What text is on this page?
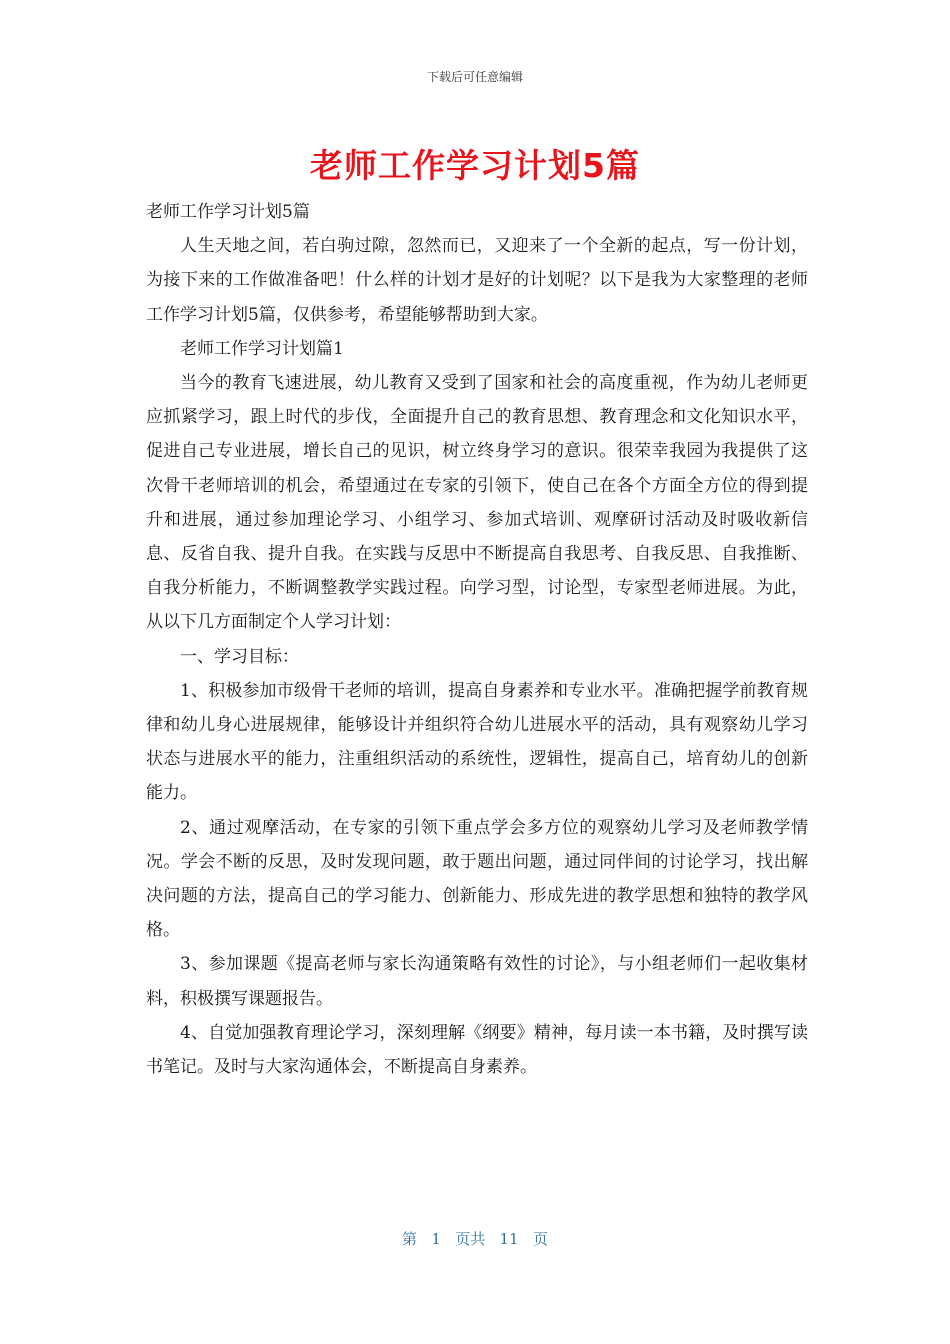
下载后可任意编辑
老师工作学习计划5篇

老师工作学习计划5篇

人生天地之间，若白驹过隙，忽然而已，又迎来了一个全新的起点，写一份计划，为接下来的工作做准备吧！什么样的计划才是好的计划呢？以下是我为大家整理的老师工作学习计划5篇，仅供参考，希望能够帮助到大家。

老师工作学习计划篇1

当今的教育飞速进展，幼儿教育又受到了国家和社会的高度重视，作为幼儿老师更应抓紧学习，跟上时代的步伐，全面提升自己的教育思想、教育理念和文化知识水平，促进自己专业进展，增长自己的见识，树立终身学习的意识。很荣幸我园为我提供了这次骨干老师培训的机会，希望通过在专家的引领下，使自己在各个方面全方位的得到提升和进展，通过参加理论学习、小组学习、参加式培训、观摩研讨活动及时吸收新信息、反省自我、提升自我。在实践与反思中不断提高自我思考、自我反思、自我推断、自我分析能力，不断调整教学实践过程。向学习型，讨论型，专家型老师进展。为此，从以下几方面制定个人学习计划：

一、学习目标：

1、积极参加市级骨干老师的培训，提高自身素养和专业水平。准确把握学前教育规律和幼儿身心进展规律，能够设计并组织符合幼儿进展水平的活动，具有观察幼儿学习状态与进展水平的能力，注重组织活动的系统性，逻辑性，提高自己，培育幼儿的创新能力。

2、通过观摩活动，在专家的引领下重点学会多方位的观察幼儿学习及老师教学情况。学会不断的反思，及时发现问题，敢于题出问题，通过同伴间的讨论学习，找出解决问题的方法，提高自己的学习能力、创新能力、形成先进的教学思想和独特的教学风格。

3、参加课题《提高老师与家长沟通策略有效性的讨论》，与小组老师们一起收集材料，积极撰写课题报告。

4、自觉加强教育理论学习，深刻理解《纲要》精神，每月读一本书籍，及时撰写读书笔记。及时与大家沟通体会，不断提高自身素养。

第 1 页共 11 页
